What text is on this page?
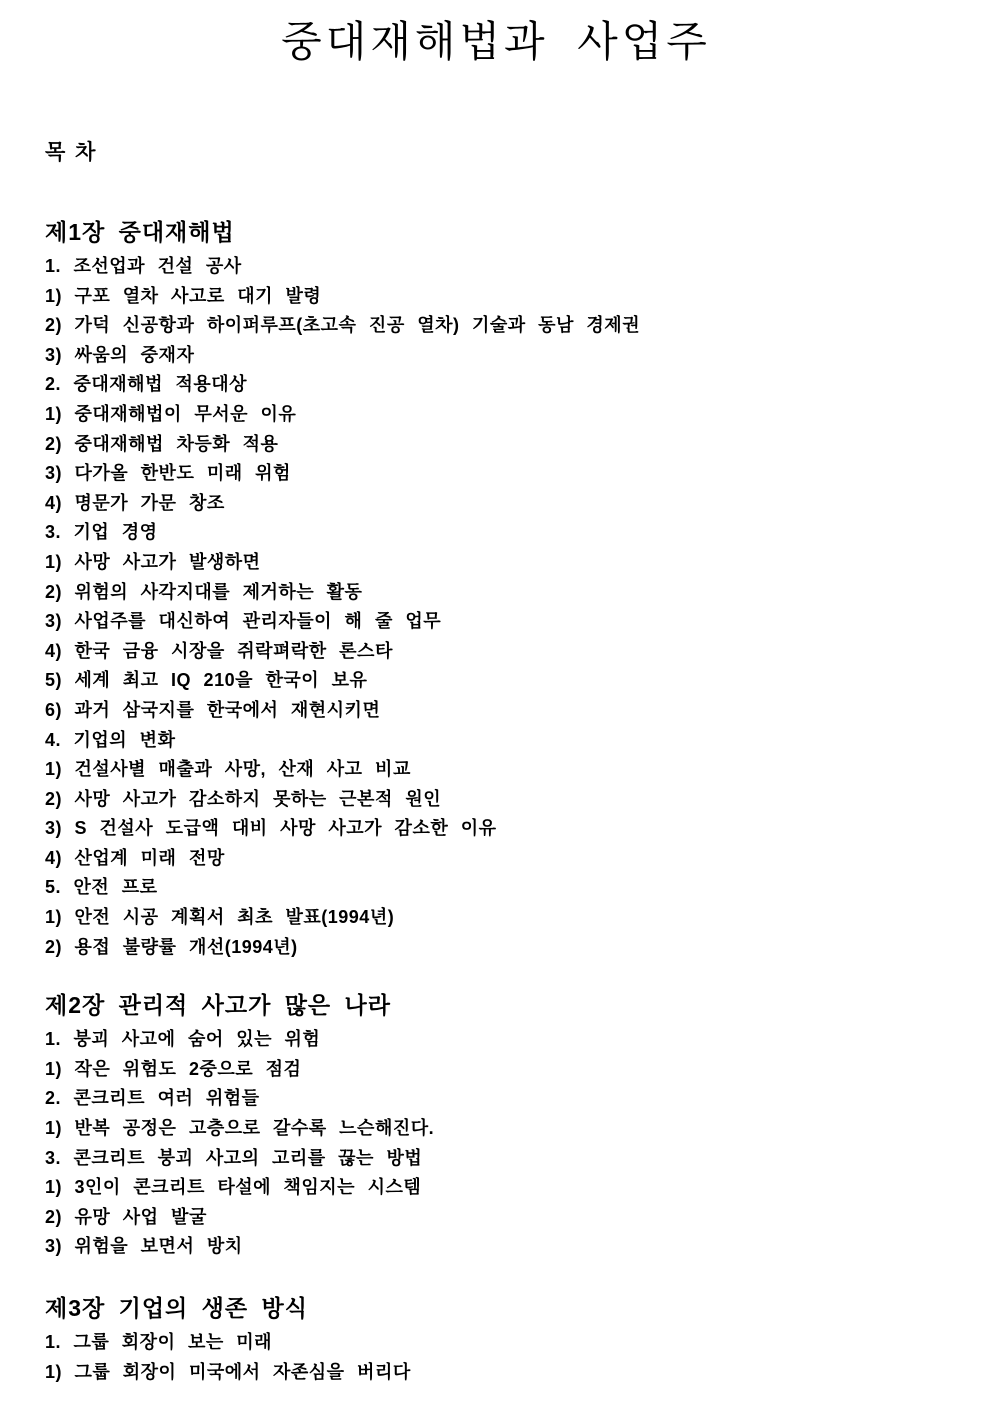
중대재해법과 사업주
목 차
제1장 중대재해법
1. 조선업과 건설 공사
1) 구포 열차 사고로 대기 발령
2) 가덕 신공항과 하이퍼루프(초고속 진공 열차) 기술과 동남 경제권
3) 싸움의 중재자
2. 중대재해법 적용대상
1) 중대재해법이 무서운 이유
2) 중대재해법 차등화 적용
3) 다가올 한반도 미래 위험
4) 명문가 가문 창조
3. 기업 경영
1) 사망 사고가 발생하면
2) 위험의 사각지대를 제거하는 활동
3) 사업주를 대신하여 관리자들이 해 줄 업무
4) 한국 금융 시장을 쥐락펴락한 론스타
5) 세계 최고 IQ 210을 한국이 보유
6) 과거 삼국지를 한국에서 재현시키면
4. 기업의 변화
1) 건설사별 매출과 사망, 산재 사고 비교
2) 사망 사고가 감소하지 못하는 근본적 원인
3) S 건설사 도급액 대비 사망 사고가 감소한 이유
4) 산업계 미래 전망
5. 안전 프로
1) 안전 시공 계획서 최초 발표(1994년)
2) 용접 불량률 개선(1994년)
제2장 관리적 사고가 많은 나라
1. 붕괴 사고에 숨어 있는 위험
1) 작은 위험도 2중으로 점검
2. 콘크리트 여러 위험들
1) 반복 공정은 고층으로 갈수록 느슨해진다.
3. 콘크리트 붕괴 사고의 고리를 끊는 방법
1) 3인이 콘크리트 타설에 책임지는 시스템
2) 유망 사업 발굴
3) 위험을 보면서 방치
제3장 기업의 생존 방식
1. 그룹 회장이 보는 미래
1) 그룹 회장이 미국에서 자존심을 버리다
